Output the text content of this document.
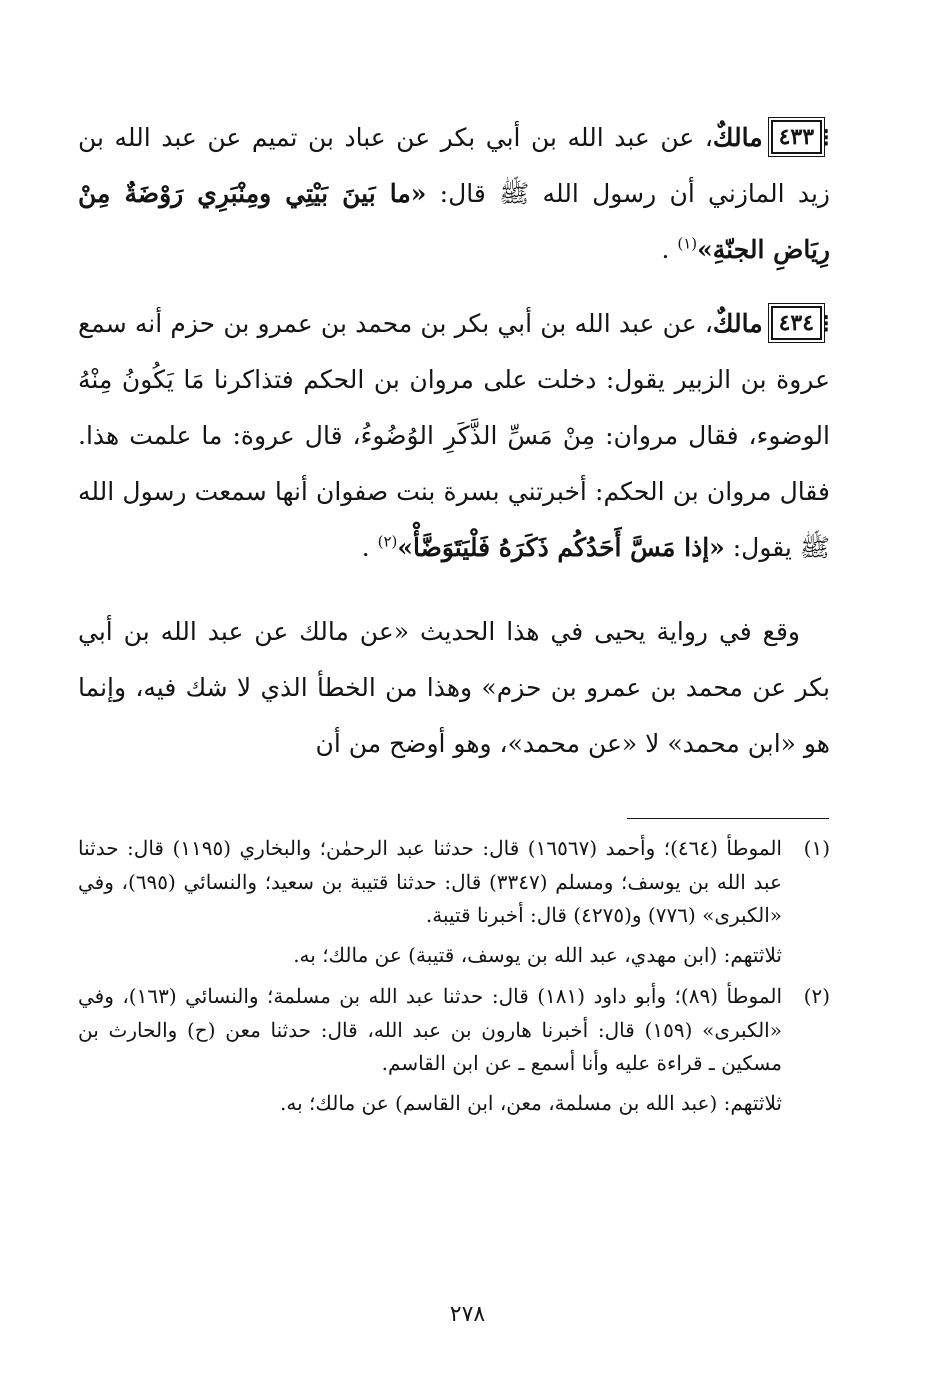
⁝٤٣٣مالكٌ، عن عبد الله بن أبي بكر عن عباد بن تميم عن عبد الله بن زيد المازني أن رسول الله ﷺ قال: «ما بَينَ بَيْتِي ومِنْبَرِي رَوْضَةٌ مِنْ رِيَاضِ الجنّةِ»$^{(١)}$ .

⁝٤٣٤مالكٌ، عن عبد الله بن أبي بكر بن محمد بن عمرو بن حزم أنه سمع عروة بن الزبير يقول: دخلت على مروان بن الحكم فتذاكرنا مَا يَكُونُ مِنْهُ الوضوء، فقال مروان: مِنْ مَسِّ الذَّكَرِ الوُضُوءُ، قال عروة: ما علمت هذا. فقال مروان بن الحكم: أخبرتني بسرة بنت صفوان أنها سمعت رسول الله ﷺ يقول: «إذا مَسَّ أَحَدُكُم ذَكَرَهُ فَلْيَتَوَضَّأْ»$^{(٢)}$ .

وقع في رواية يحيى في هذا الحديث «عن مالك عن عبد الله بن أبي بكر عن محمد بن عمرو بن حزم» وهذا من الخطأ الذي لا شك فيه، وإنما هو «ابن محمد» لا «عن محمد»، وهو أوضح من أن

(١)
الموطأ (٤٦٤)؛ وأحمد (١٦٥٦٧) قال: حدثنا عبد الرحمٰن؛ والبخاري (١١٩٥) قال: حدثنا عبد الله بن يوسف؛ ومسلم (٣٣٤٧) قال: حدثنا قتيبة بن سعيد؛ والنسائي (٦٩٥)، وفي «الكبرى» (٧٧٦) و(٤٢٧٥) قال: أخبرنا قتيبة.
ثلاثتهم: (ابن مهدي، عبد الله بن يوسف، قتيبة) عن مالك؛ به.
(٢)
الموطأ (٨٩)؛ وأبو داود (١٨١) قال: حدثنا عبد الله بن مسلمة؛ والنسائي (١٦٣)، وفي «الكبرى» (١٥٩) قال: أخبرنا هارون بن عبد الله، قال: حدثنا معن (ح) والحارث بن مسكين ـ قراءة عليه وأنا أسمع ـ عن ابن القاسم.
ثلاثتهم: (عبد الله بن مسلمة، معن، ابن القاسم) عن مالك؛ به.
٢٧٨
